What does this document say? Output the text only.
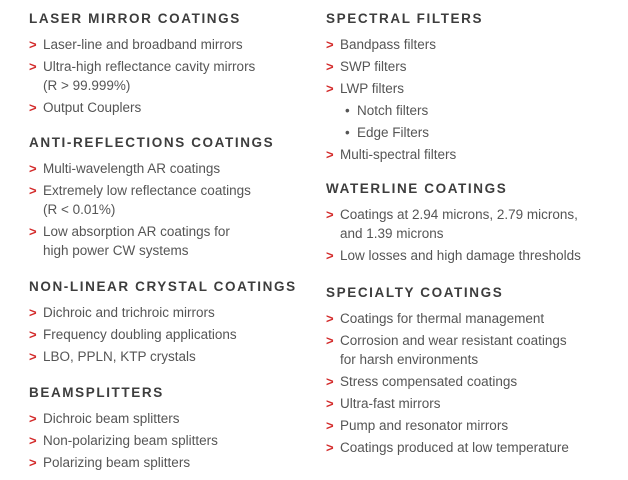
LASER MIRROR COATINGS
> Laser-line and broadband mirrors
> Ultra-high reflectance cavity mirrors
(R > 99.999%)
> Output Couplers
ANTI-REFLECTIONS COATINGS
> Multi-wavelength AR coatings
> Extremely low reflectance coatings
(R < 0.01%)
> Low absorption AR coatings for
high power CW systems
NON-LINEAR CRYSTAL COATINGS
> Dichroic and trichroic mirrors
> Frequency doubling applications
> LBO, PPLN, KTP crystals
BEAMSPLITTERS
> Dichroic beam splitters
> Non-polarizing beam splitters
> Polarizing beam splitters
SPECTRAL FILTERS
> Bandpass filters
> SWP filters
> LWP filters
• Notch filters
• Edge Filters
> Multi-spectral filters
WATERLINE COATINGS
> Coatings at 2.94 microns, 2.79 microns,
and 1.39 microns
> Low losses and high damage thresholds
SPECIALTY COATINGS
> Coatings for thermal management
> Corrosion and wear resistant coatings
for harsh environments
> Stress compensated coatings
> Ultra-fast mirrors
> Pump and resonator mirrors
> Coatings produced at low temperature
